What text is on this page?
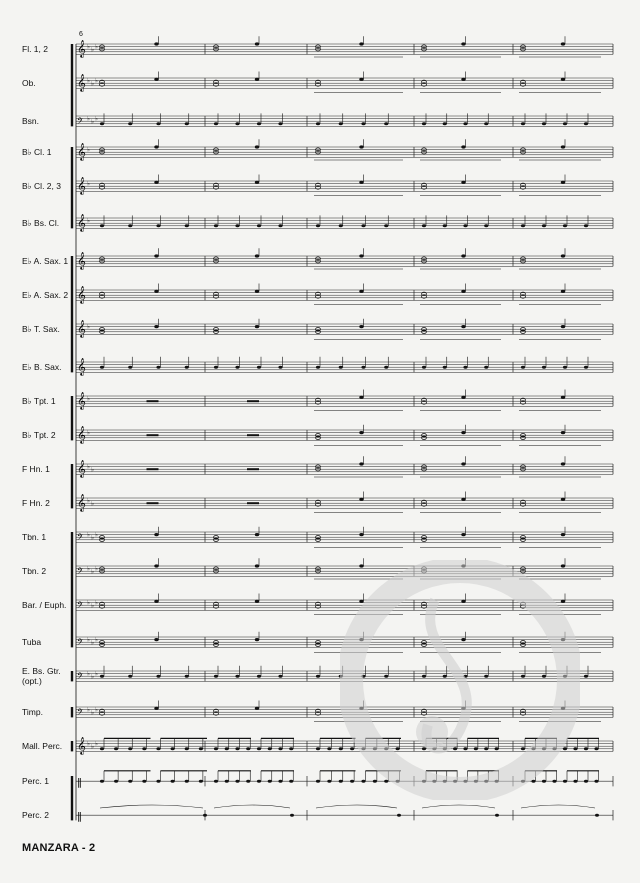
𝄞 ♭ ♭ ♭
𝄞 ♭ ♭ ♭
𝄢 ♭ ♭ ♭
𝄞 ♭
𝄞 ♭
𝄞 ♭
𝄞
𝄞
𝄞 ♭
𝄞
𝄞 ♭
𝄞 ♭
𝄞 ♭ ♭
𝄞 ♭ ♭
𝄢 ♭ ♭ ♭
𝄢 ♭ ♭ ♭
𝄢 ♭ ♭ ♭
𝄢 ♭ ♭ ♭
𝄢 ♭ ♭ ♭
𝄢 ♭ ♭ ♭
𝄞 ♭ ♭ ♭
‖
‖
Fl. 1, 2
Ob.
Bsn.
B♭ Cl. 1
B♭ Cl. 2, 3
B♭ Bs. Cl.
E♭ A. Sax. 1
E♭ A. Sax. 2
B♭ T. Sax.
E♭ B. Sax.
B♭ Tpt. 1
B♭ Tpt. 2
F Hn. 1
F Hn. 2
Tbn. 1
Tbn. 2
Bar. / Euph.
Tuba
E. Bs. Gtr.
(opt.)
Timp.
Mall. Perc.
Perc. 1
Perc. 2
6
MANZARA - 2
